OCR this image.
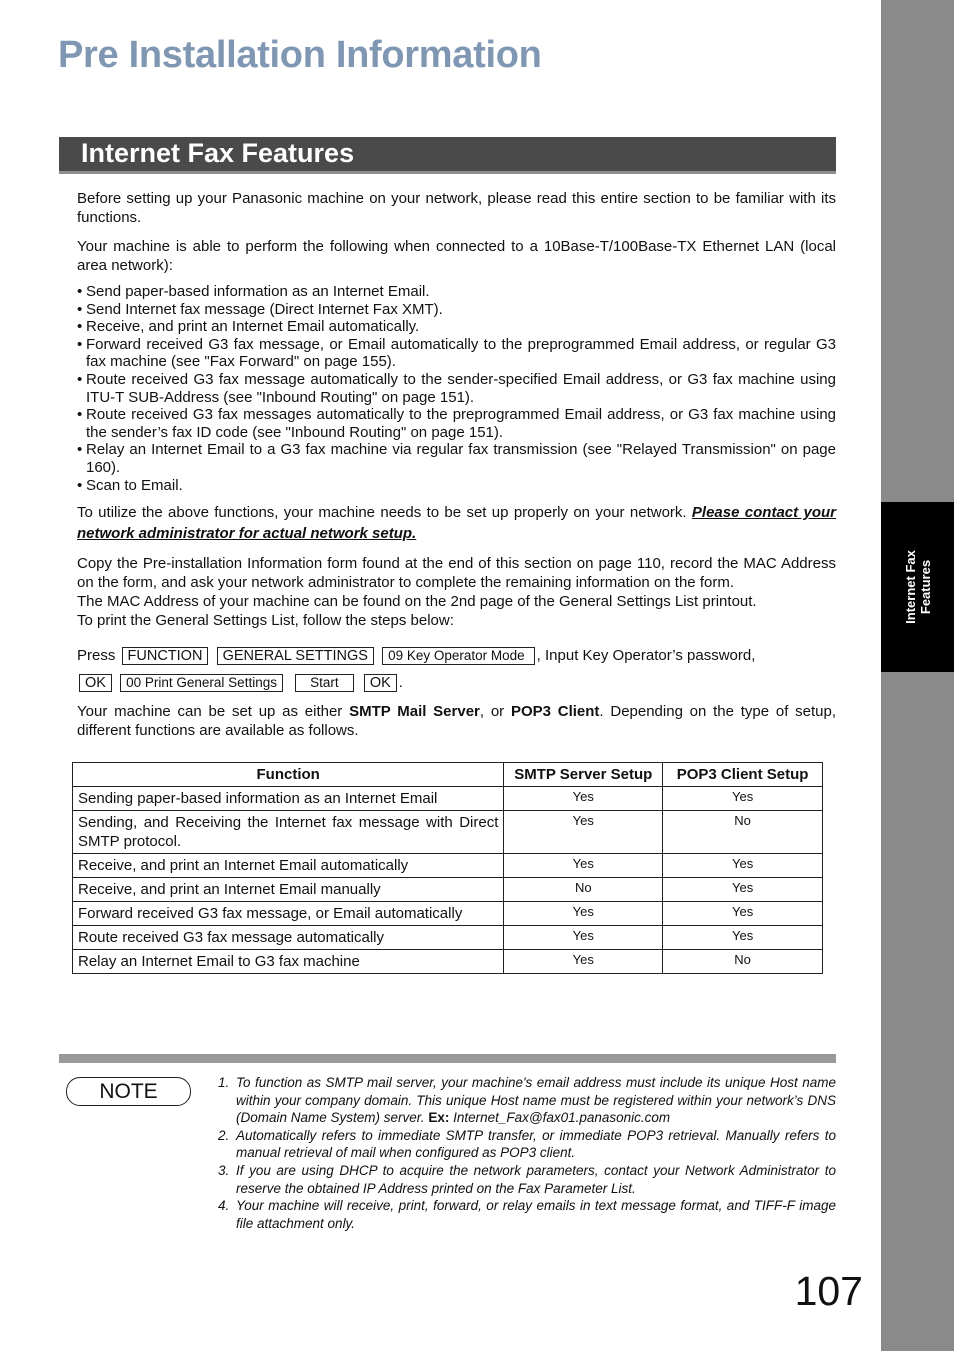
Internet Fax Features
Pre Installation Information
Internet Fax Features

Before setting up your Panasonic machine on your network, please read this entire section to be familiar with its functions.

Your machine is able to perform the following when connected to a 10Base-T/100Base-TX Ethernet LAN (local area network):

• Send paper-based information as an Internet Email.
• Send Internet fax message (Direct Internet Fax XMT).
• Receive, and print an Internet Email automatically.
• Forward received G3 fax message, or Email automatically to the preprogrammed Email address, or regular G3 fax machine (see "Fax Forward" on page 155).
• Route received G3 fax message automatically to the sender-specified Email address, or G3 fax machine using ITU-T SUB-Address (see "Inbound Routing" on page 151).
• Route received G3 fax messages automatically to the preprogrammed Email address, or G3 fax machine using the sender’s fax ID code (see "Inbound Routing" on page 151).
• Relay an Internet Email to a G3 fax machine via regular fax transmission (see "Relayed Transmission" on page 160).
• Scan to Email.

To utilize the above functions, your machine needs to be set up properly on your network. Please contact your network administrator for actual network setup.

Copy the Pre-installation Information form found at the end of this section on page 110, record the MAC Address on the form, and ask your network administrator to complete the remaining information on the form.

The MAC Address of your machine can be found on the 2nd page of the General Settings List printout.

To print the General Settings List, follow the steps below:

Press FUNCTION GENERAL SETTINGS 09 Key Operator Mode , Input Key Operator’s password,
OK 00 Print General Settings Start OK .

Your machine can be set up as either SMTP Mail Server, or POP3 Client. Depending on the type of setup, different functions are available as follows.

Function	SMTP Server Setup	POP3 Client Setup
Sending paper-based information as an Internet Email	Yes	Yes
Sending, and Receiving the Internet fax message with Direct SMTP protocol.	Yes	No
Receive, and print an Internet Email automatically	Yes	Yes
Receive, and print an Internet Email manually	No	Yes
Forward received G3 fax message, or Email automatically	Yes	Yes
Route received G3 fax message automatically	Yes	Yes
Relay an Internet Email to G3 fax machine	Yes	No
NOTE	1. To function as SMTP mail server, your machine's email address must include its unique Host name within your company domain. This unique Host name must be registered within your network’s DNS (Domain Name System) server. Ex: Internet_Fax@fax01.panasonic.com
2. Automatically refers to immediate SMTP transfer, or immediate POP3 retrieval. Manually refers to manual retrieval of mail when configured as POP3 client.
3. If you are using DHCP to acquire the network parameters, contact your Network Administrator to reserve the obtained IP Address printed on the Fax Parameter List.
4. Your machine will receive, print, forward, or relay emails in text message format, and TIFF-F image file attachment only.
107
